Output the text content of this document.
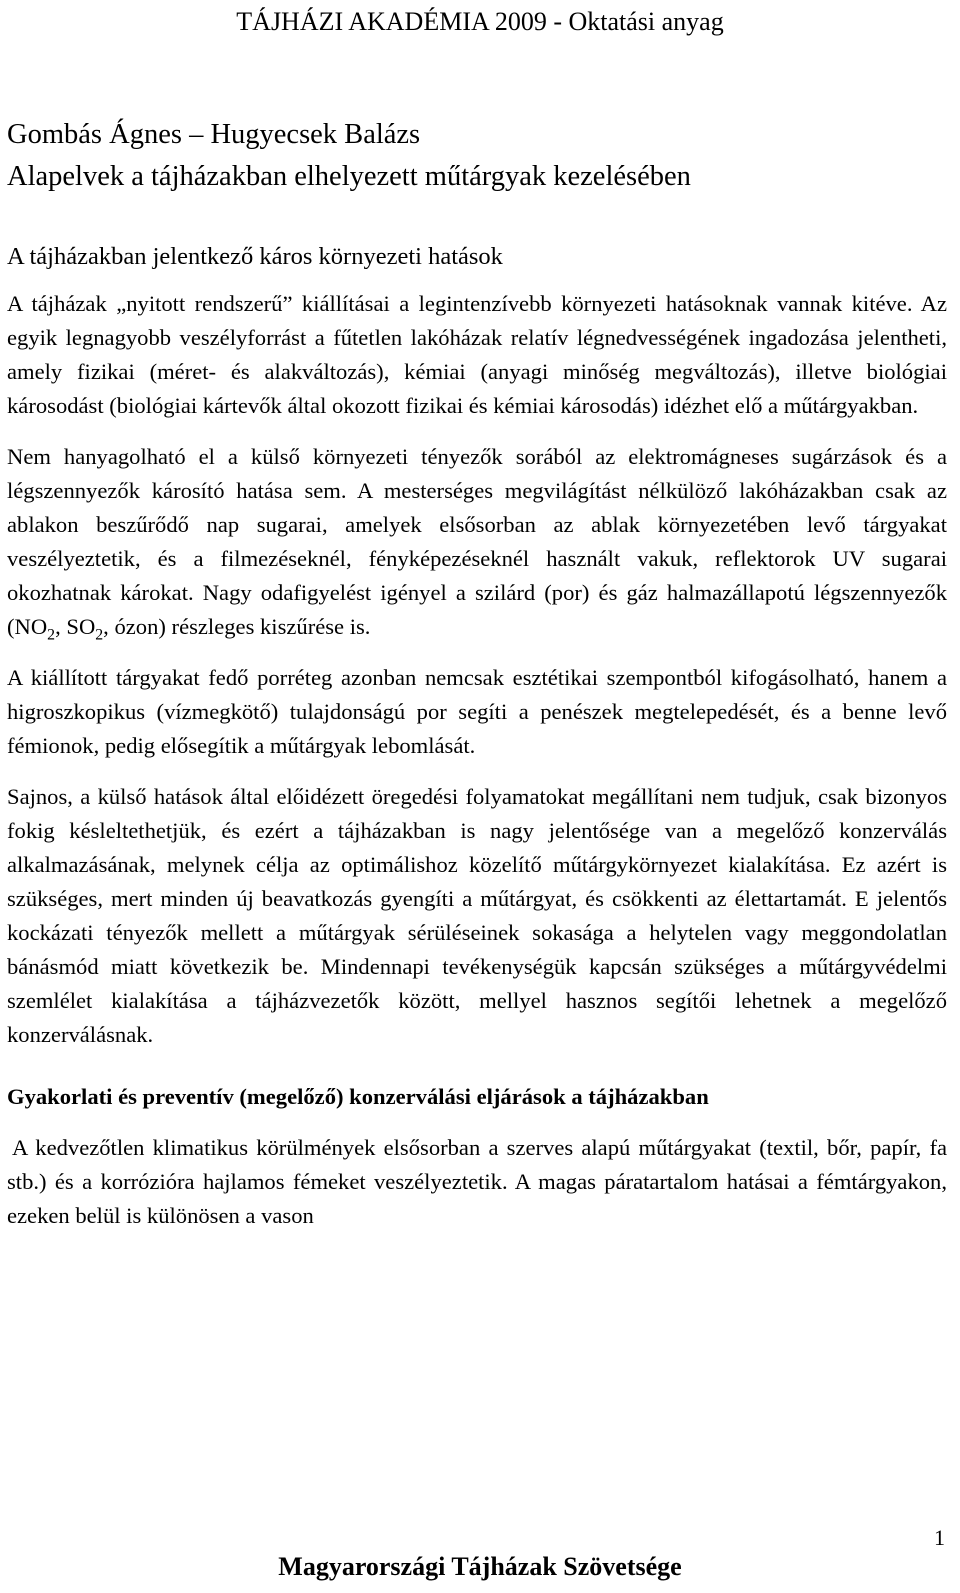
TÁJHÁZI AKADÉMIA 2009 - Oktatási anyag
Gombás Ágnes – Hugyecsek Balázs
Alapelvek a tájházakban elhelyezett műtárgyak kezelésében
A tájházakban jelentkező káros környezeti hatások

A tájházak „nyitott rendszerű” kiállításai a legintenzívebb környezeti hatásoknak vannak kitéve. Az egyik legnagyobb veszélyforrást a fűtetlen lakóházak relatív légnedvességének ingadozása jelentheti, amely fizikai (méret- és alakváltozás), kémiai (anyagi minőség megváltozás), illetve biológiai károsodást (biológiai kártevők által okozott fizikai és kémiai károsodás) idézhet elő a műtárgyakban.

Nem hanyagolható el a külső környezeti tényezők sorából az elektromágneses sugárzások és a légszennyezők károsító hatása sem. A mesterséges megvilágítást nélkülöző lakóházakban csak az ablakon beszűrődő nap sugarai, amelyek elsősorban az ablak környezetében levő tárgyakat veszélyeztetik, és a filmezéseknél, fényképezéseknél használt vakuk, reflektorok UV sugarai okozhatnak károkat. Nagy odafigyelést igényel a szilárd (por) és gáz halmazállapotú légszennyezők ($NO_2$, $SO_2$, ózon) részleges kiszűrése is.

A kiállított tárgyakat fedő porréteg azonban nemcsak esztétikai szempontból kifogásolható, hanem a higroszkopikus (vízmegkötő) tulajdonságú por segíti a penészek megtelepedését, és a benne levő fémionok, pedig elősegítik a műtárgyak lebomlását.

Sajnos, a külső hatások által előidézett öregedési folyamatokat megállítani nem tudjuk, csak bizonyos fokig késleltethetjük, és ezért a tájházakban is nagy jelentősége van a megelőző konzerválás alkalmazásának, melynek célja az optimálishoz közelítő műtárgykörnyezet kialakítása. Ez azért is szükséges, mert minden új beavatkozás gyengíti a műtárgyat, és csökkenti az élettartamát. E jelentős kockázati tényezők mellett a műtárgyak sérüléseinek sokasága a helytelen vagy meggondolatlan bánásmód miatt következik be. Mindennapi tevékenységük kapcsán szükséges a műtárgyvédelmi szemlélet kialakítása a tájházvezetők között, mellyel hasznos segítői lehetnek a megelőző konzerválásnak.

Gyakorlati és preventív (megelőző) konzerválási eljárások a tájházakban

A kedvezőtlen klimatikus körülmények elsősorban a szerves alapú műtárgyakat (textil, bőr, papír, fa stb.) és a korrózióra hajlamos fémeket veszélyeztetik. A magas páratartalom hatásai a fémtárgyakon, ezeken belül is különösen a vason

1
Magyarországi Tájházak Szövetsége
